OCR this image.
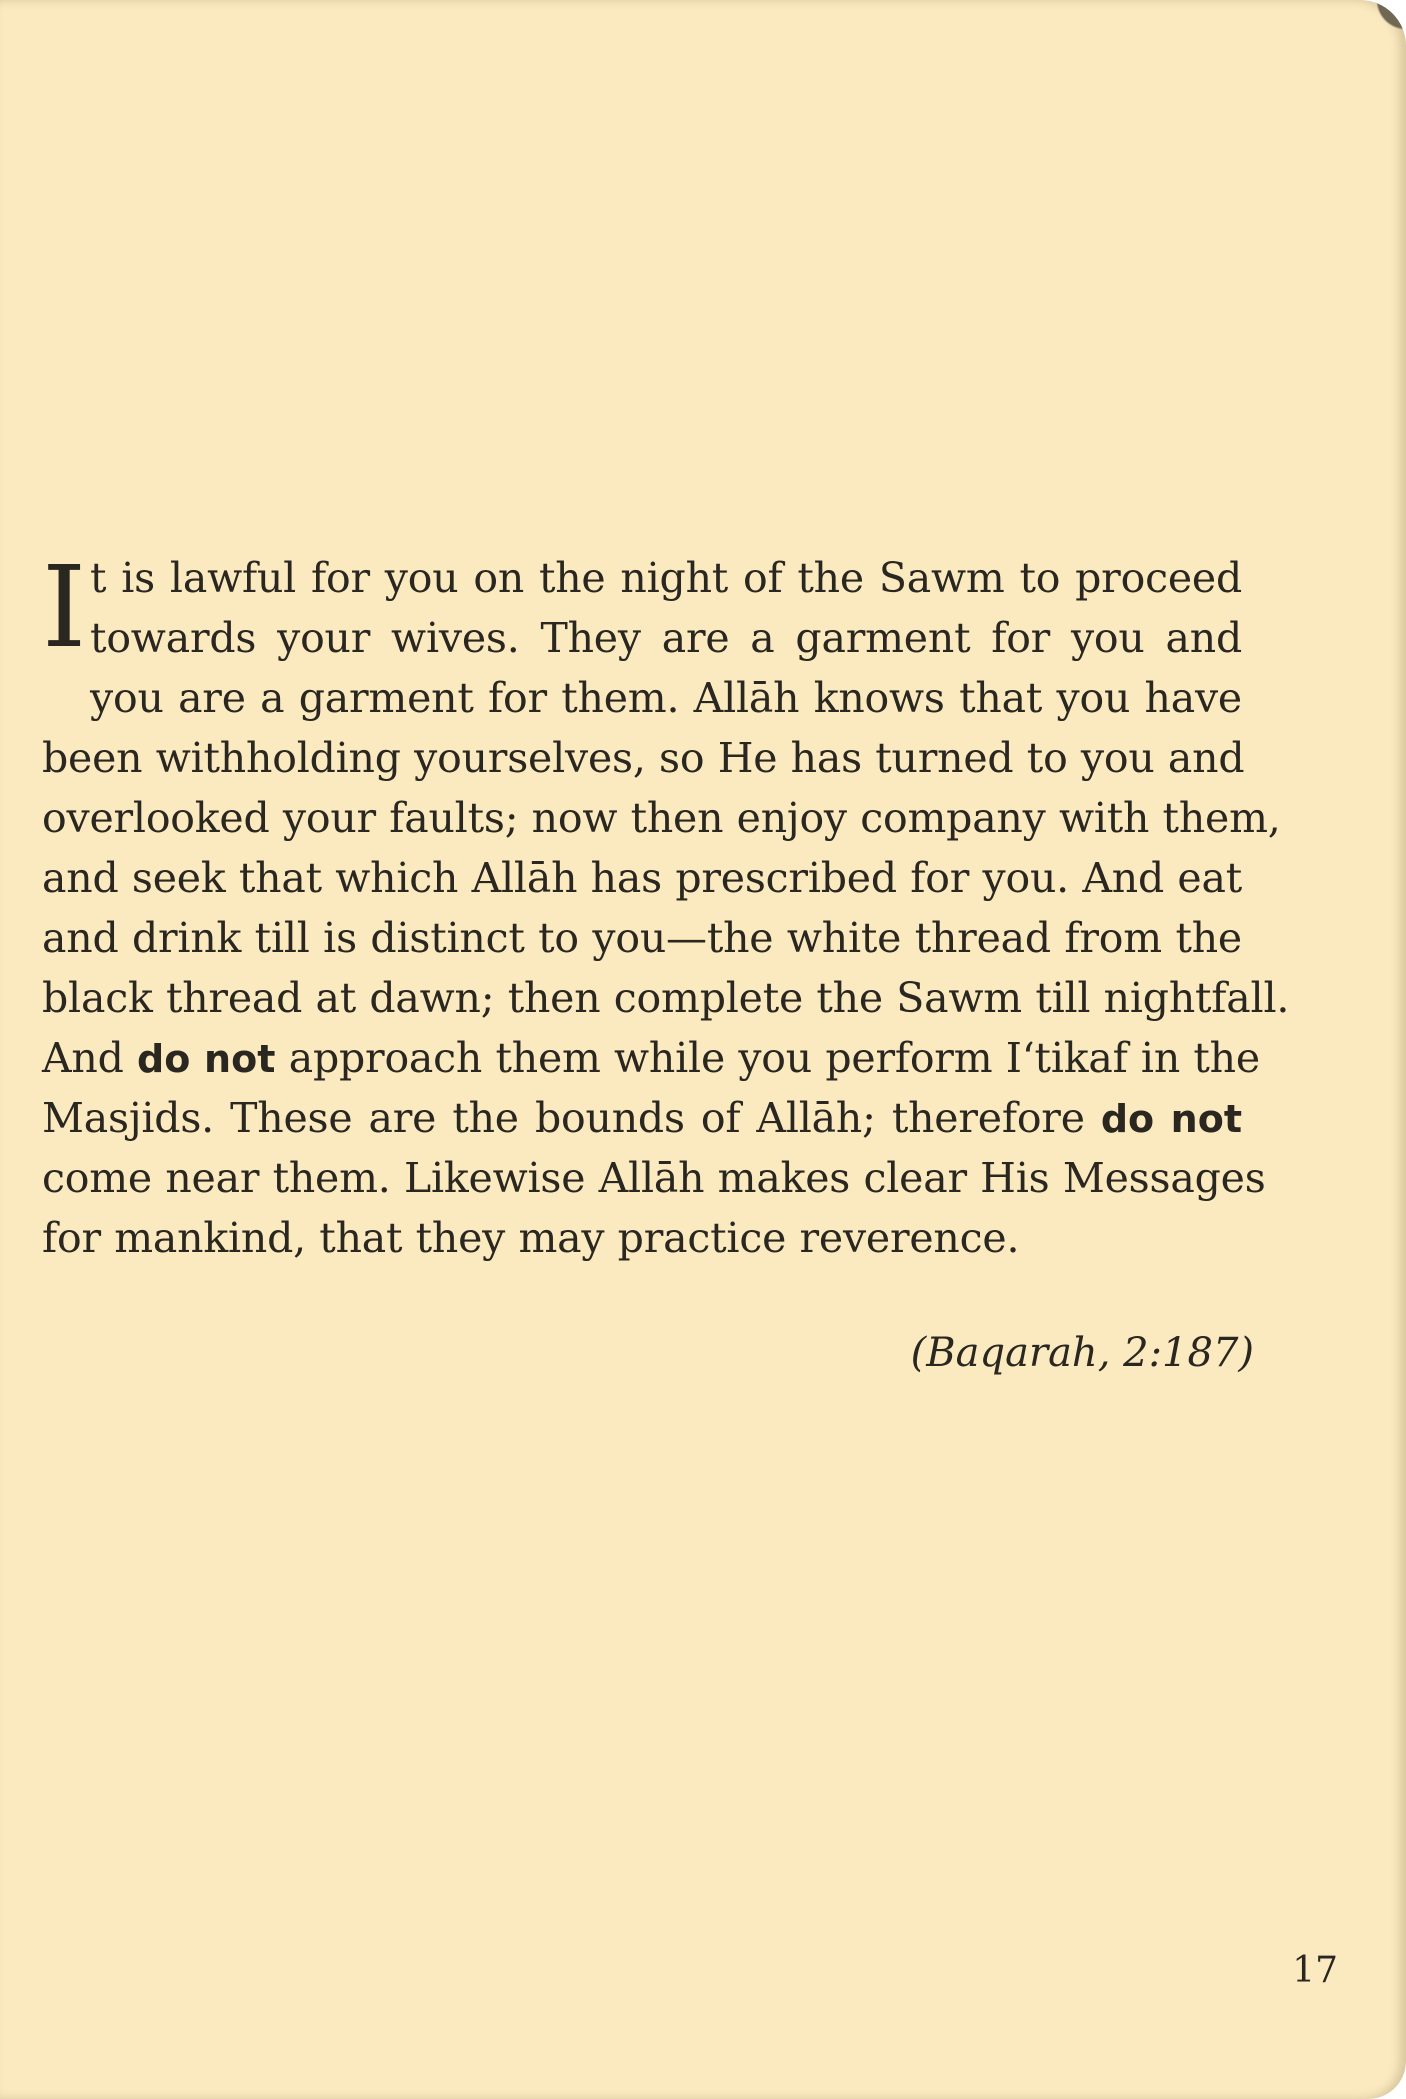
I t is lawful for you on the night of the Sawm to proceed
towards your wives. They are a garment for you and
you are a garment for them. Allāh knows that you have
been withholding yourselves, so He has turned to you and
overlooked your faults; now then enjoy company with them,
and seek that which Allāh has prescribed for you. And eat
and drink till is distinct to you—the white thread from the
black thread at dawn; then complete the Sawm till nightfall.
And do not approach them while you perform I‘tikaf in the
Masjids. These are the bounds of Allāh; therefore do not
come near them. Likewise Allāh makes clear His Messages
for mankind, that they may practice reverence.
(Baqarah, 2:187)
17
